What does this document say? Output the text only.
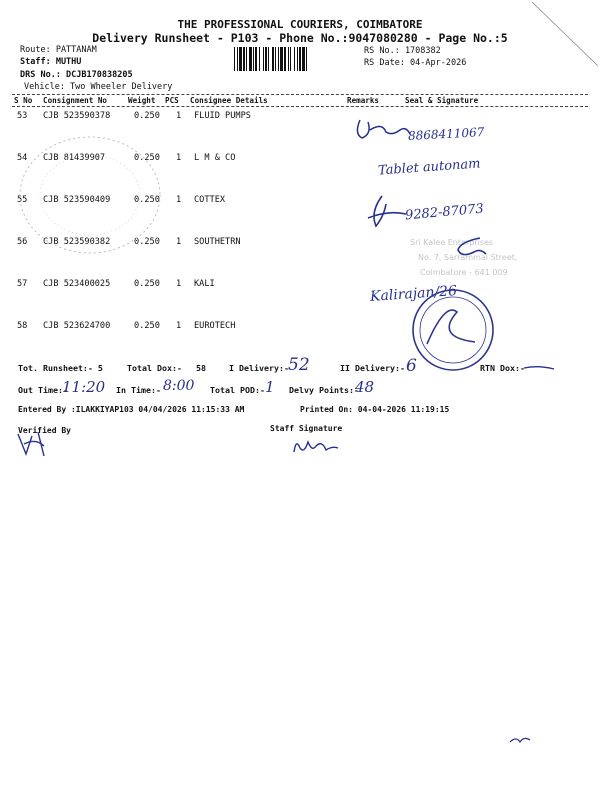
THE PROFESSIONAL COURIERS, COIMBATORE
Delivery Runsheet - P103 - Phone No.:9047080280 - Page No.:5
Route: PATTANAM
Staff: MUTHU
DRS No.: DCJB170838205
Vehicle: Two Wheeler Delivery
RS No.: 1708382
RS Date: 04-Apr-2026
S No Consignment No	Weight PCS Consignee Details	Remarks	Seal & Signature
53 CJB 523590378	0.250 1 FLUID PUMPS
54 CJB 81439907	0.250 1 L M & CO
55 CJB 523590409	0.250 1 COTTEX
56 CJB 523590382	0.250 1 SOUTHETRN
57 CJB 523400025	0.250 1 KALI
58 CJB 523624700	0.250 1 EUROTECH
Sri Kalee Enterprises
No. 7, Sarrammal Street,
Coimbatore - 641 009
8868411067
Tablet autonam
9282-87073
Kalirajan/26
Tot. Runsheet:- 5	Total Dox:- 58	I Delivery:- 52	II Delivery:- 6	RTN Dox:-
Out Time:-
11:20 In Time:- 8:00 Total POD:- 1 Delvy Points:-
48
Entered By :ILAKKIYAP103 04/04/2026 11:15:33 AM	Printed On: 04-04-2026 11:19:15
Verified By	Staff Signature
